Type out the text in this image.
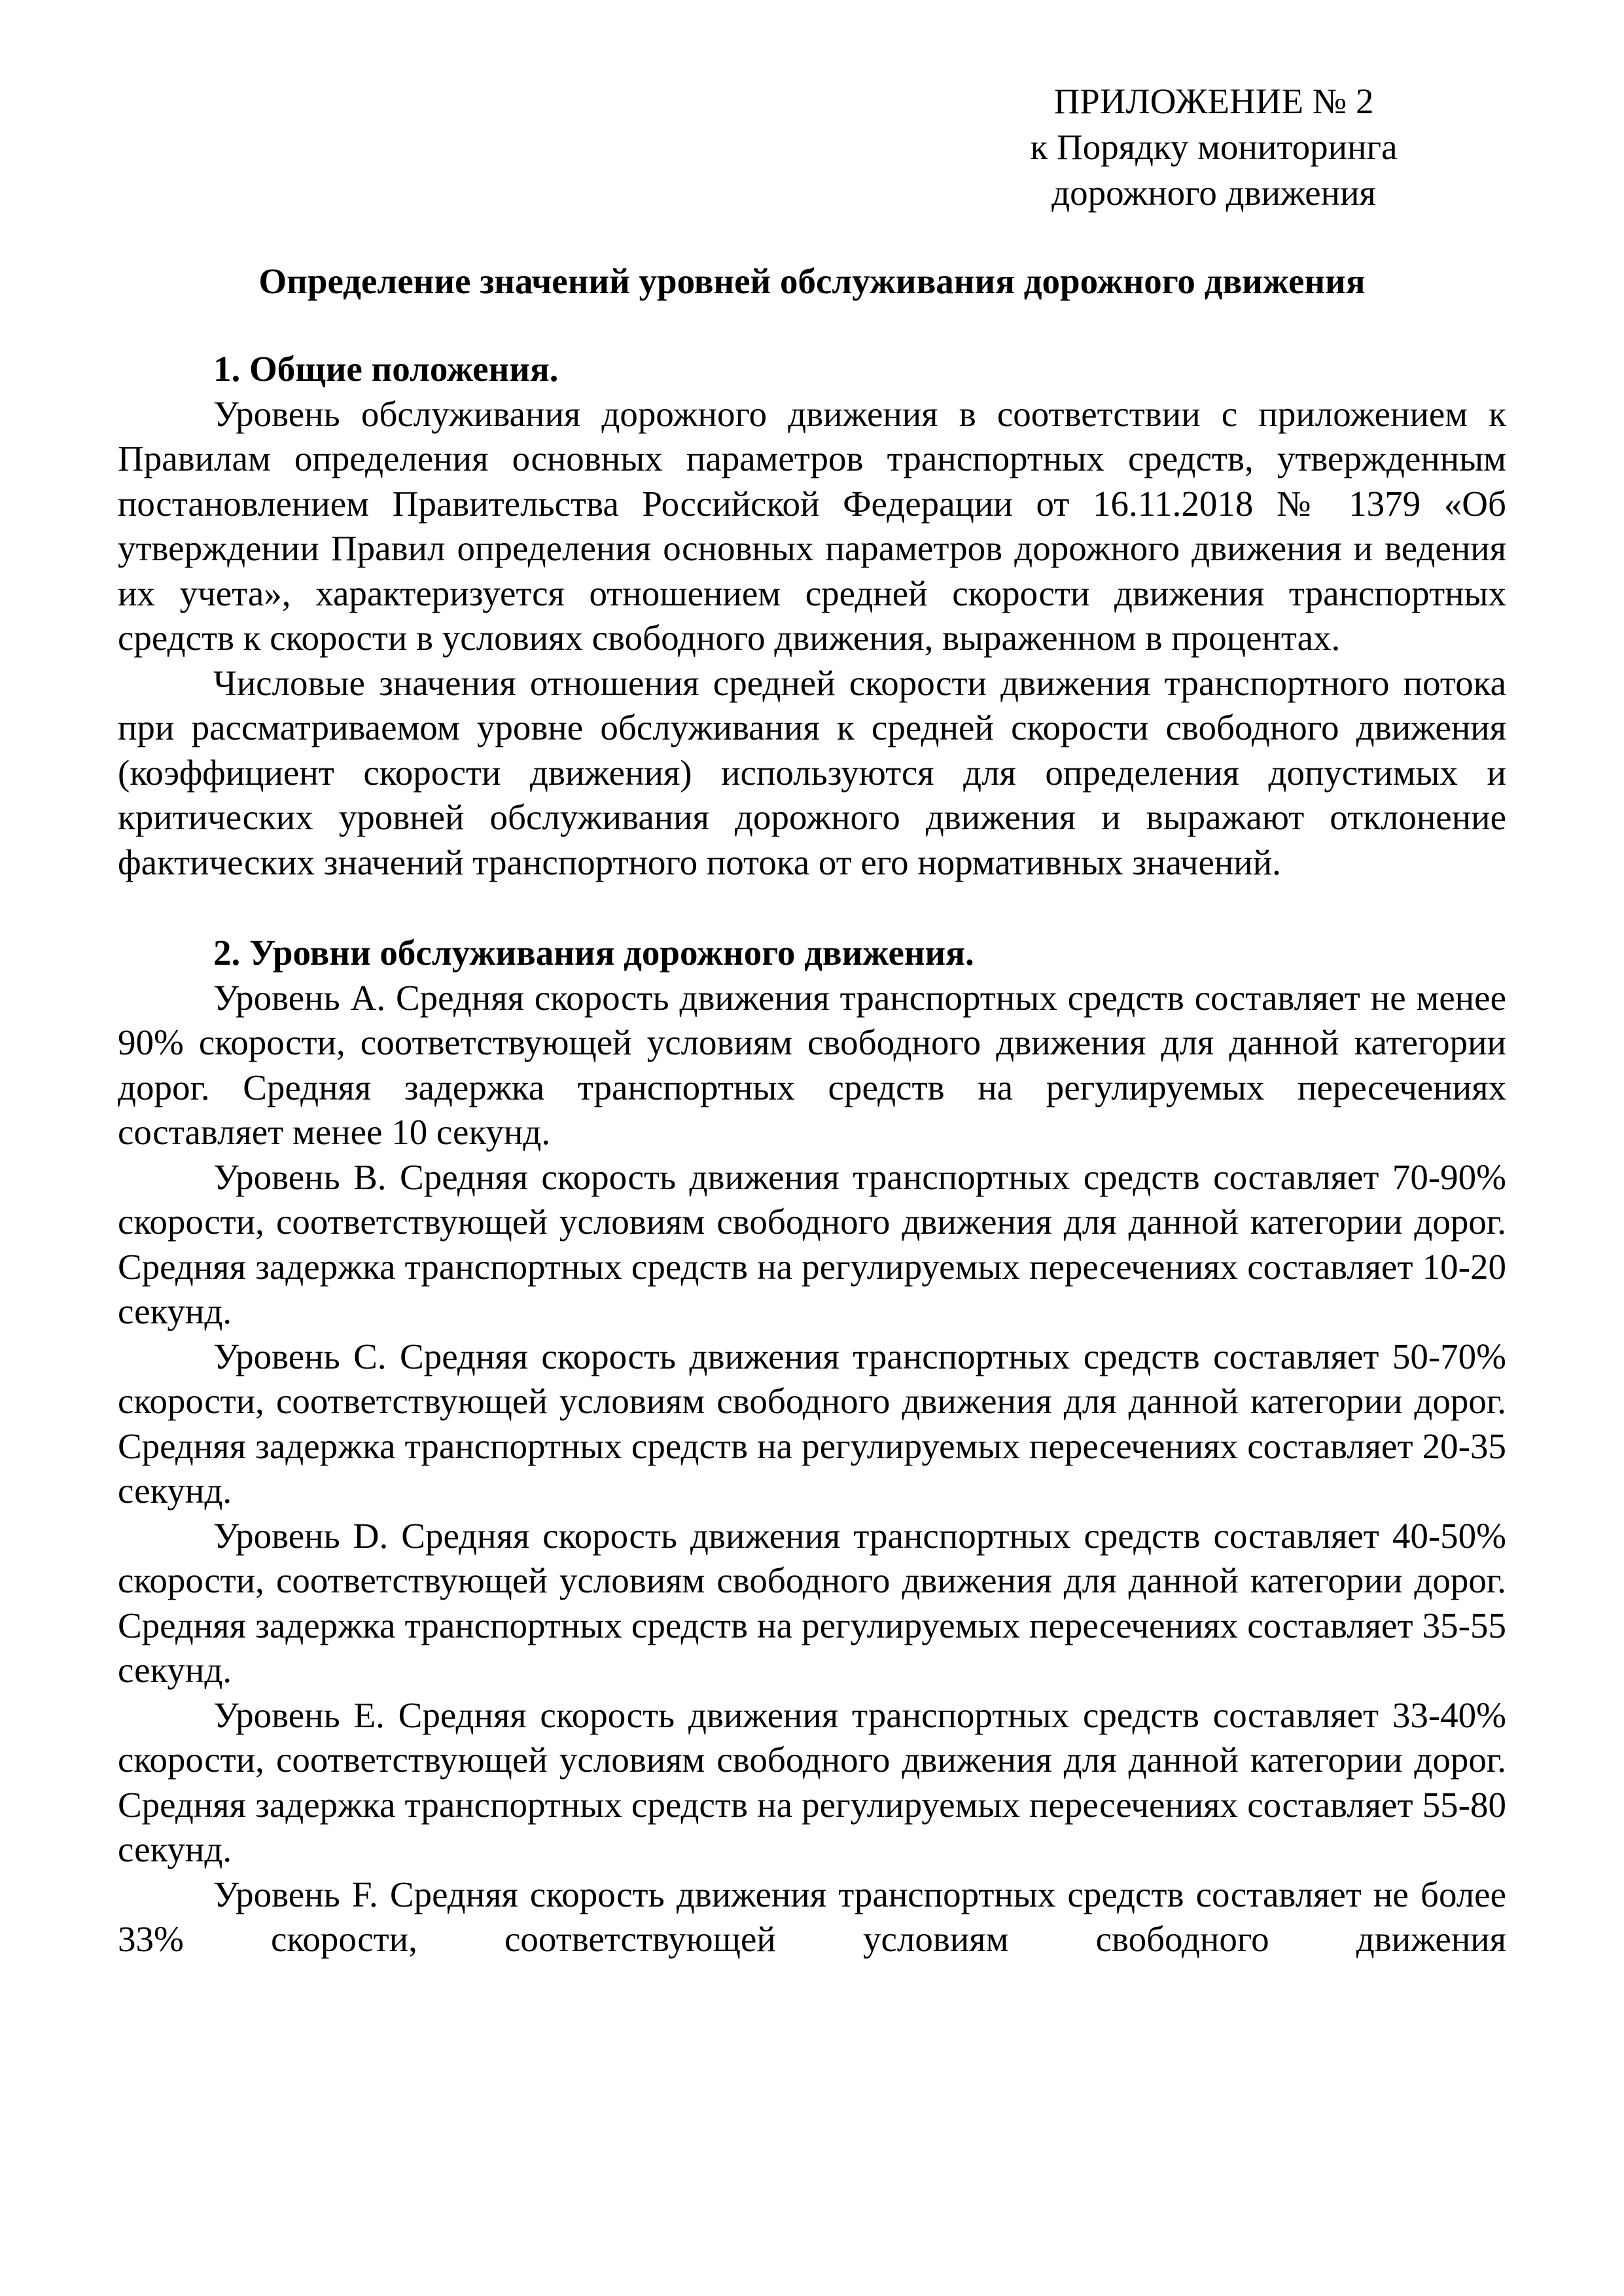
ПРИЛОЖЕНИЕ № 2
к Порядку мониторинга
дорожного движения
Определение значений уровней обслуживания дорожного движения

1. Общие положения.

Уровень обслуживания дорожного движения в соответствии с приложением к Правилам определения основных параметров транспортных средств, утвержденным постановлением Правительства Российской Федерации от 16.11.2018 № 1379 «Об утверждении Правил определения основных параметров дорожного движения и ведения их учета», характеризуется отношением средней скорости движения транспортных средств к скорости в условиях свободного движения, выраженном в процентах.

Числовые значения отношения средней скорости движения транспортного потока при рассматриваемом уровне обслуживания к средней скорости свободного движения (коэффициент скорости движения) используются для определения допустимых и критических уровней обслуживания дорожного движения и выражают отклонение фактических значений транспортного потока от его нормативных значений.

2. Уровни обслуживания дорожного движения.

Уровень А. Средняя скорость движения транспортных средств составляет не менее 90% скорости, соответствующей условиям свободного движения для данной категории дорог. Средняя задержка транспортных средств на регулируемых пересечениях составляет менее 10 секунд.

Уровень В. Средняя скорость движения транспортных средств составляет 70-90% скорости, соответствующей условиям свободного движения для данной категории дорог. Средняя задержка транспортных средств на регулируемых пересечениях составляет 10-20 секунд.

Уровень С. Средняя скорость движения транспортных средств составляет 50-70% скорости, соответствующей условиям свободного движения для данной категории дорог. Средняя задержка транспортных средств на регулируемых пересечениях составляет 20-35 секунд.

Уровень D. Средняя скорость движения транспортных средств составляет 40-50% скорости, соответствующей условиям свободного движения для данной категории дорог. Средняя задержка транспортных средств на регулируемых пересечениях составляет 35-55 секунд.

Уровень Е. Средняя скорость движения транспортных средств составляет 33-40% скорости, соответствующей условиям свободного движения для данной категории дорог. Средняя задержка транспортных средств на регулируемых пересечениях составляет 55-80 секунд.

Уровень F. Средняя скорость движения транспортных средств составляет не более 33% скорости, соответствующей условиям свободного движения
